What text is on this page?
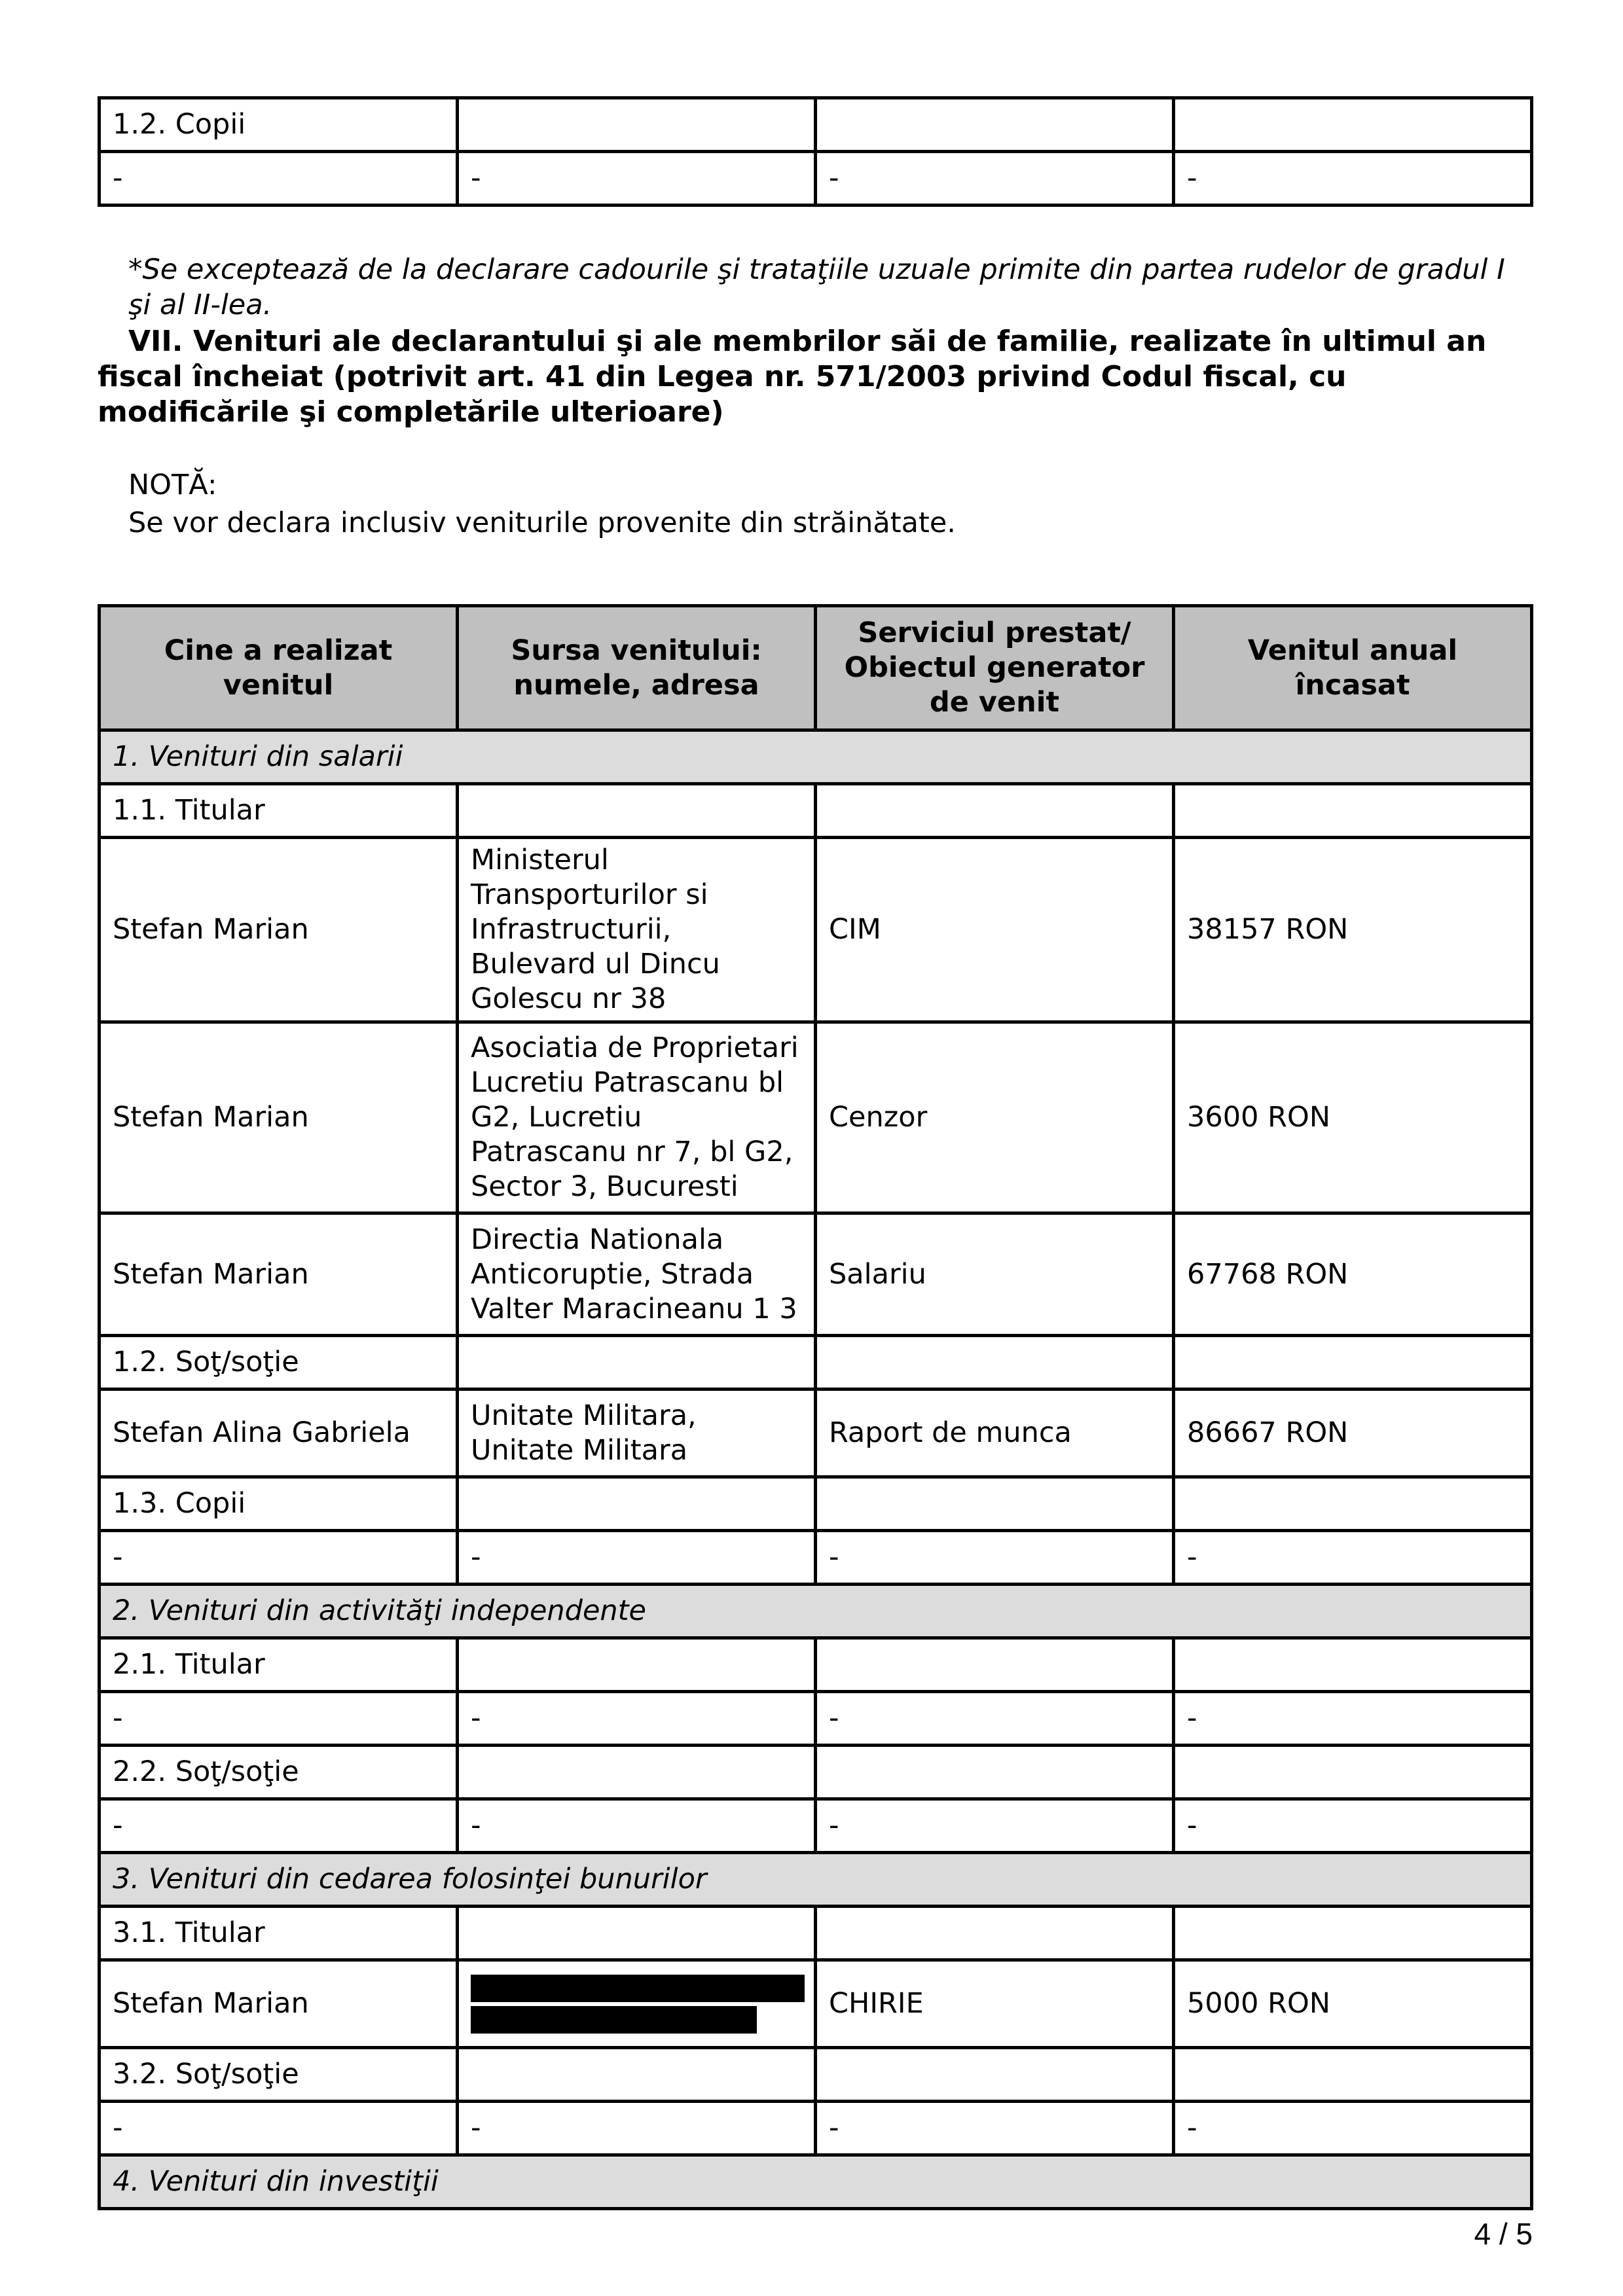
1.2. Copii			
-	-	-	-
*Se exceptează de la declarare cadourile şi trataţiile uzuale primite din partea rudelor de gradul I şi al II-lea.
VII. Venituri ale declarantului şi ale membrilor săi de familie, realizate în ultimul an fiscal încheiat (potrivit art. 41 din Legea nr. 571/2003 privind Codul fiscal, cu modificările şi completările ulterioare)
NOTĂ:
Se vor declara inclusiv veniturile provenite din străinătate.
Cine a realizat venitul	Sursa venitului: numele, adresa	Serviciul prestat/ Obiectul generator de venit	Venitul anual încasat
1. Venituri din salarii			
1.1. Titular			
Stefan Marian	Ministerul Transporturilor si Infrastructurii, Bulevard ul Dincu Golescu nr 38	CIM	38157 RON
Stefan Marian	Asociatia de Proprietari Lucretiu Patrascanu bl G2, Lucretiu Patrascanu nr 7, bl G2, Sector 3, Bucuresti	Cenzor	3600 RON
Stefan Marian	Directia Nationala Anticoruptie, Strada Valter Maracineanu 1 3	Salariu	67768 RON
1.2. Soţ/soţie			
Stefan Alina Gabriela	Unitate Militara, Unitate Militara	Raport de munca	86667 RON
1.3. Copii			
-	-	-	-
2. Venituri din activităţi independente			
2.1. Titular			
-	-	-	-
2.2. Soţ/soţie			
-	-	-	-
3. Venituri din cedarea folosinţei bunurilor			
3.1. Titular			
Stefan Marian		CHIRIE	5000 RON
3.2. Soţ/soţie			
-	-	-	-
4. Venituri din investiţii			
4 / 5
